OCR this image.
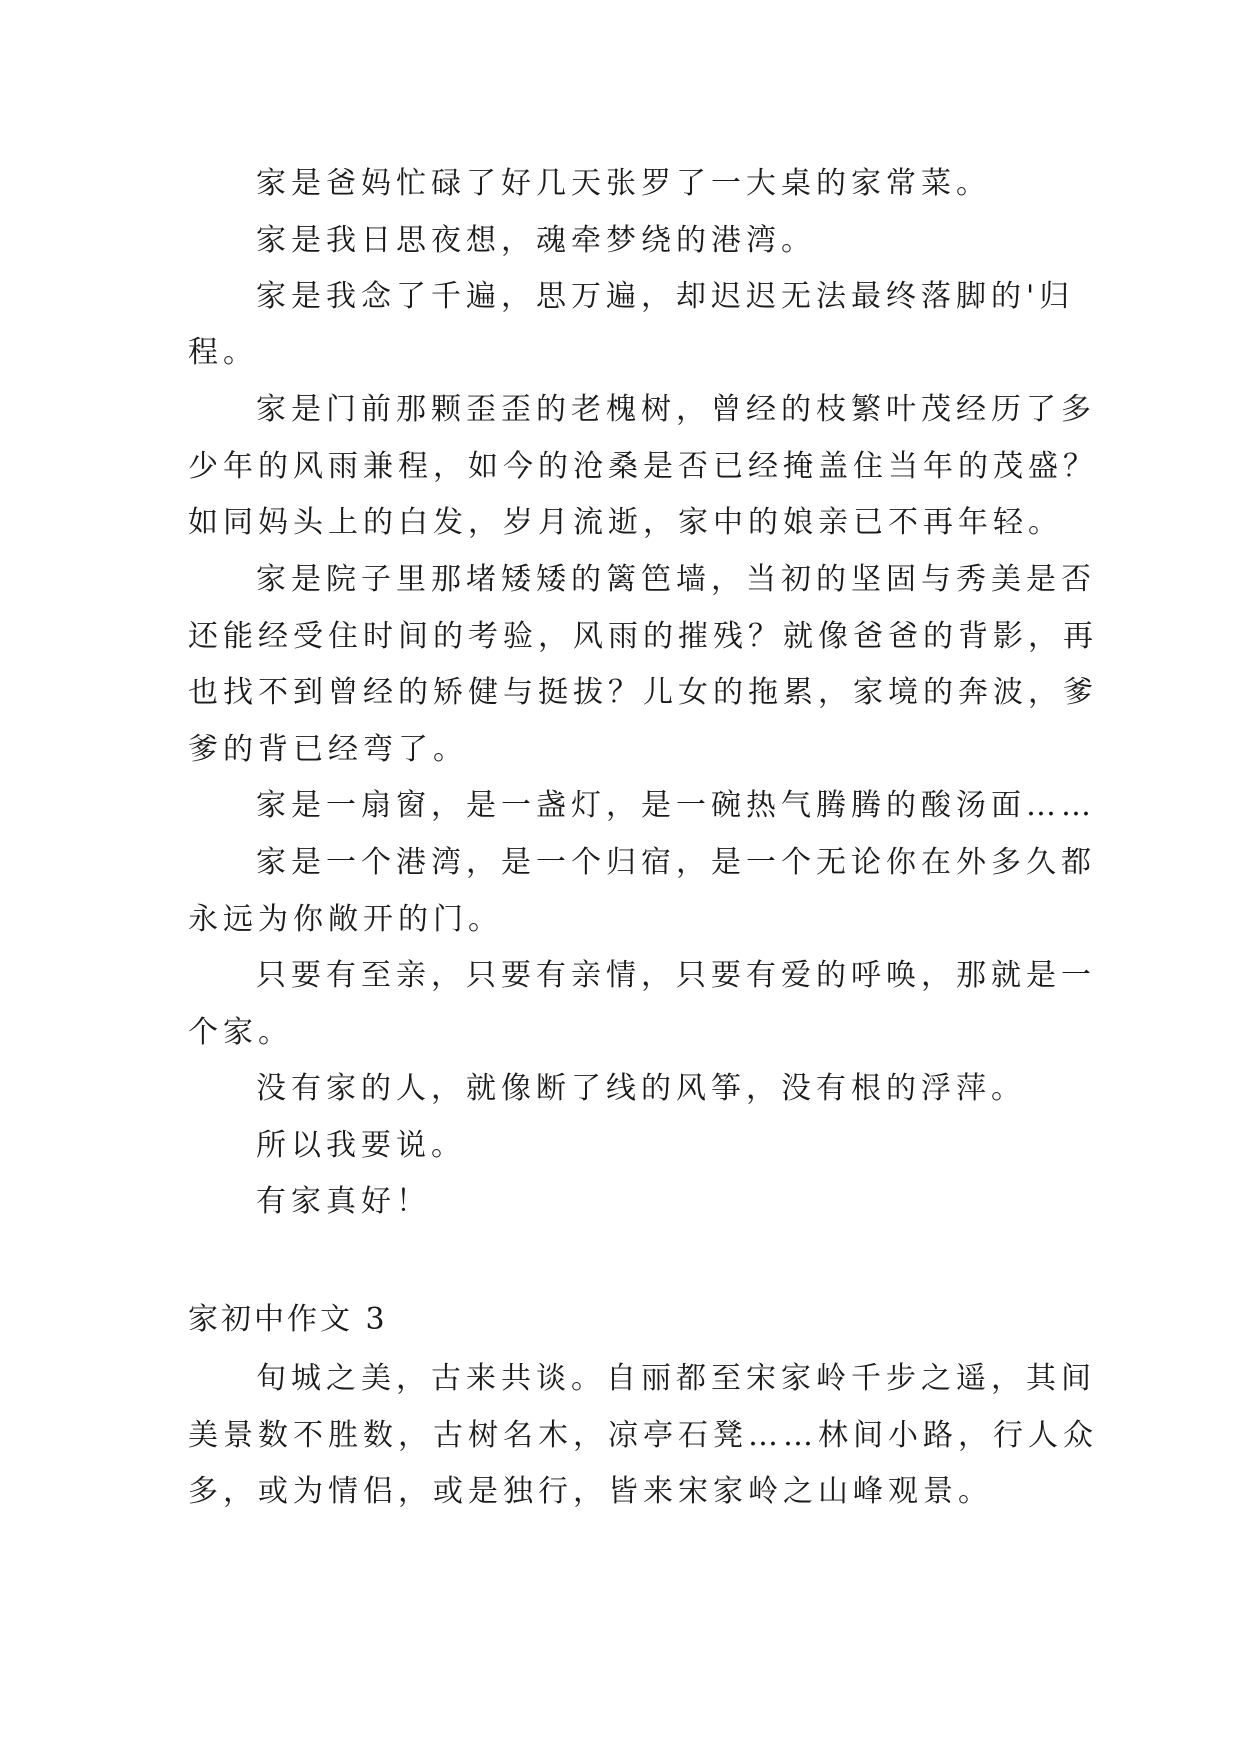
家是爸妈忙碌了好几天张罗了一大桌的家常菜。
家是我日思夜想，魂牵梦绕的港湾。
家是我念了千遍，思万遍，却迟迟无法最终落脚的'归
程。
家是门前那颗歪歪的老槐树，曾经的枝繁叶茂经历了多
少年的风雨兼程，如今的沧桑是否已经掩盖住当年的茂盛？
如同妈头上的白发，岁月流逝，家中的娘亲已不再年轻。
家是院子里那堵矮矮的篱笆墙，当初的坚固与秀美是否
还能经受住时间的考验，风雨的摧残？就像爸爸的背影，再
也找不到曾经的矫健与挺拔？儿女的拖累，家境的奔波，爹
爹的背已经弯了。
家是一扇窗，是一盏灯，是一碗热气腾腾的酸汤面……
家是一个港湾，是一个归宿，是一个无论你在外多久都
永远为你敞开的门。
只要有至亲，只要有亲情，只要有爱的呼唤，那就是一
个家。
没有家的人，就像断了线的风筝，没有根的浮萍。
所以我要说。
有家真好！
家初中作文 3
旬城之美，古来共谈。自丽都至宋家岭千步之遥，其间
美景数不胜数，古树名木，凉亭石凳……林间小路，行人众
多，或为情侣，或是独行，皆来宋家岭之山峰观景。
